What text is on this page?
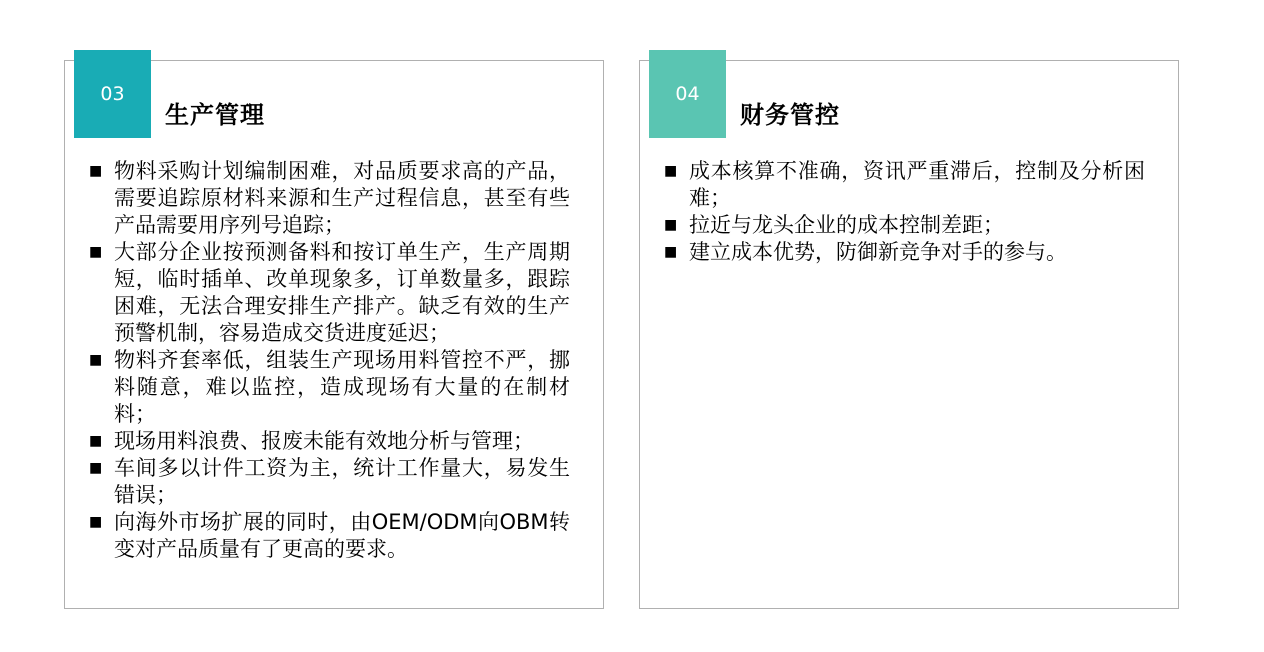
03
生产管理
■ 物料采购计划编制困难，对品质要求高的产品，需要追踪原材料来源和生产过程信息，甚至有些产品需要用序列号追踪；
■ 大部分企业按预测备料和按订单生产，生产周期短，临时插单、改单现象多，订单数量多，跟踪困难，无法合理安排生产排产。缺乏有效的生产预警机制，容易造成交货进度延迟；
■ 物料齐套率低，组装生产现场用料管控不严，挪料随意，难以监控，造成现场有大量的在制材料；
■ 现场用料浪费、报废未能有效地分析与管理；
■ 车间多以计件工资为主，统计工作量大，易发生错误；
■ 向海外市场扩展的同时，由OEM/ODM向OBM转变对产品质量有了更高的要求。
04
财务管控
■ 成本核算不准确，资讯严重滞后，控制及分析困难；
■ 拉近与龙头企业的成本控制差距；
■ 建立成本优势，防御新竞争对手的参与。
